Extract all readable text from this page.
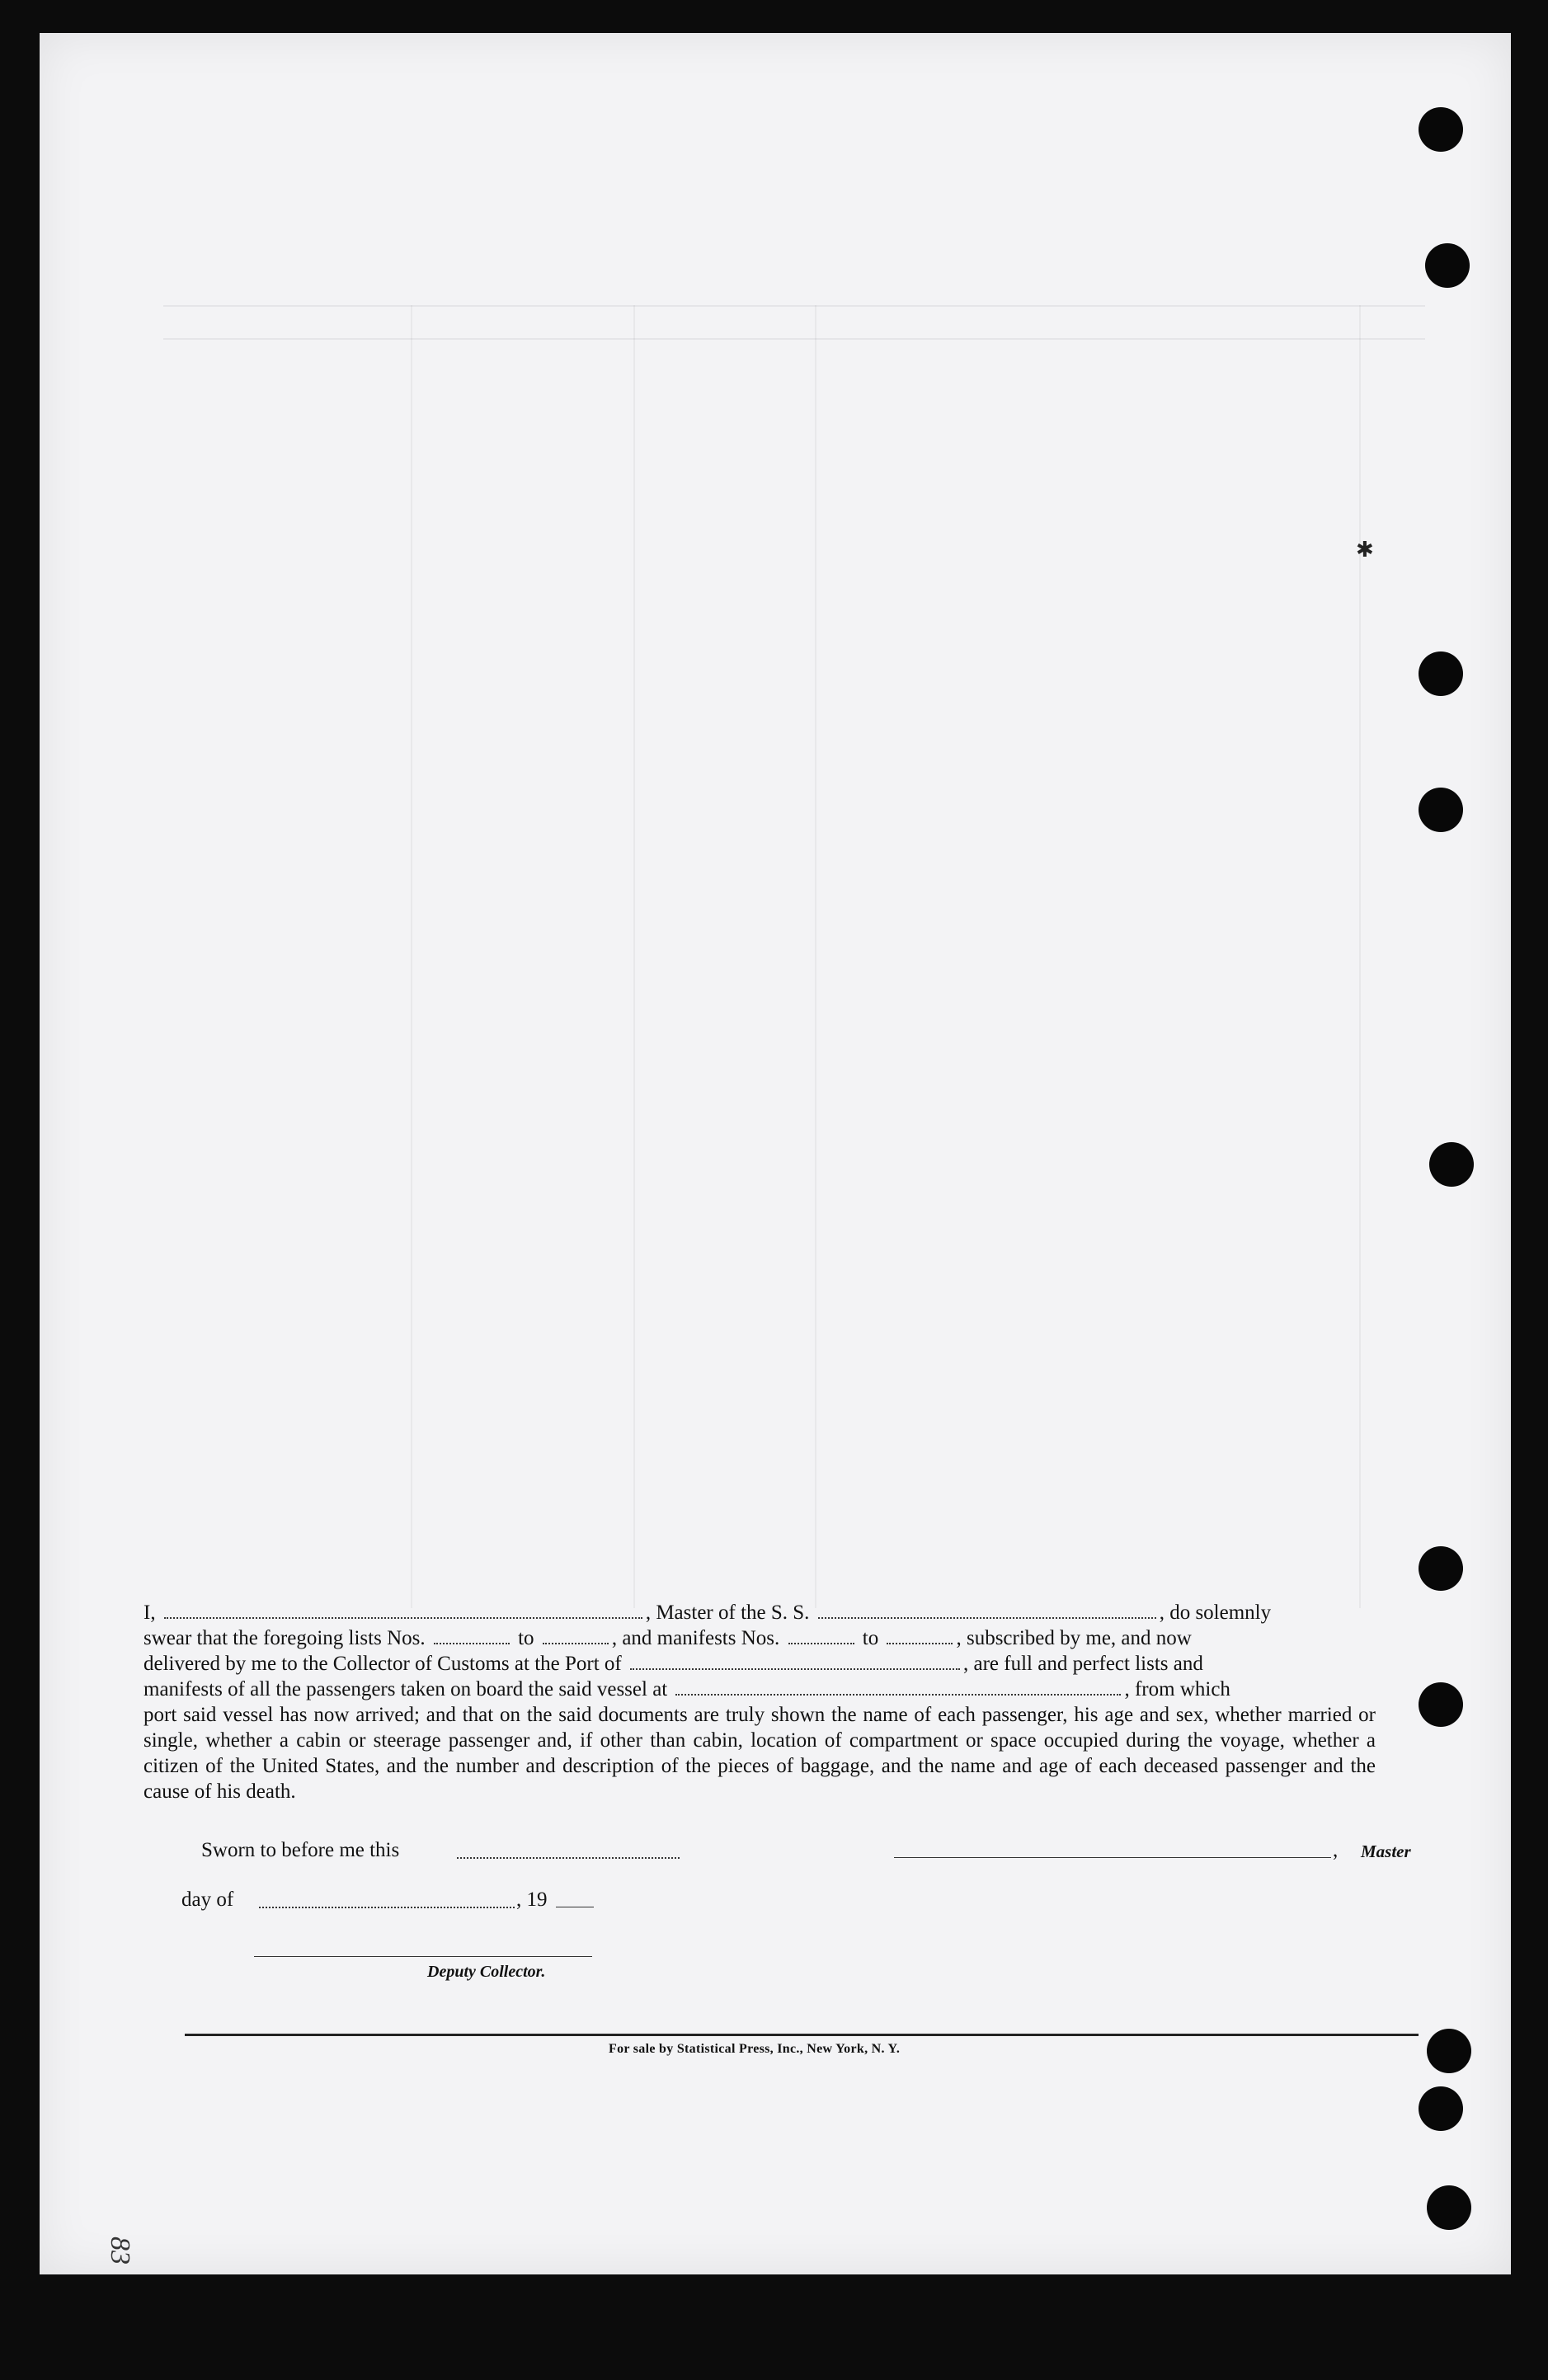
✱

I,	, Master of the S. S.	, do solemnly

swear that the foregoing lists Nos.	to	, and manifests Nos.	to	, subscribed by me, and now

delivered by me to the Collector of Customs at the Port of	, are full and perfect lists and

manifests of all the passengers taken on board the said vessel at	, from which

port said vessel has now arrived; and that on the said documents are truly shown the name of each passenger, his age and sex, whether married or single, whether a cabin or steerage passenger and, if other than cabin, location of compartment or space occupied during the voyage, whether a citizen of the United States, and the number and description of the pieces of baggage, and the name and age of each deceased passenger and the cause of his death.

Sworn to before me this	, Master
day of	, 19
Deputy Collector.
For sale by Statistical Press, Inc., New York, N. Y.
83
